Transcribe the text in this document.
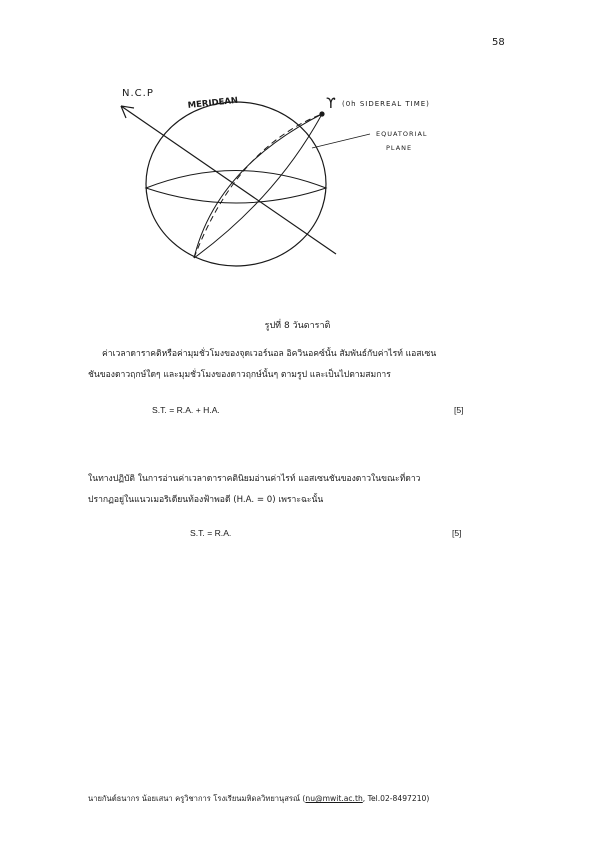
58
N.C.P
MERIDEAN	ϒ (0h SIDEREAL TIME)
EQUATORIAL
PLANE
รูปที่ 8 วันดาราติ
ค่าเวลาดาราคติหรือค่ามุมชั่วโมงของจุดเวอร์นอล อิควินอคซ์นั้น สัมพันธ์กับค่าไรท์ แอสเซน
ชันของดาวฤกษ์ใดๆ และมุมชั่วโมงของดาวฤกษ์นั้นๆ ตามรูป และเป็นไปตามสมการ
S.T. = R.A. + H.A.	[5]
ในทางปฏิบัติ ในการอ่านค่าเวลาดาราคตินิยมอ่านค่าไรท์ แอสเซนชันของดาวในขณะที่ดาว
ปรากฏอยู่ในแนวเมอริเดียนท้องฟ้าพอดี (H.A. = 0) เพราะฉะนั้น
S.T. = R.A.	[5]
นายกันต์ธนากร น้อยเสนา ครูวิชาการ โรงเรียนมหิดลวิทยานุสรณ์ (nu@mwit.ac.th, Tel.02-8497210)
